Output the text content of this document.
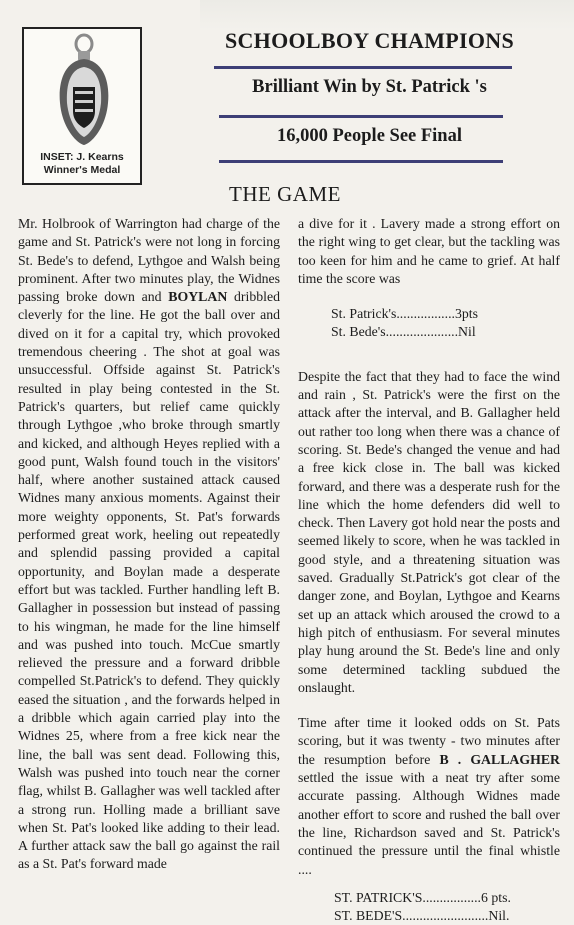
INSET: J. Kearns
Winner's Medal
SCHOOLBOY CHAMPIONS
Brilliant Win by St. Patrick 's
16,000 People See Final
THE GAME

Mr. Holbrook of Warrington had charge of the game and St. Patrick's were not long in forcing St. Bede's to defend, Lythgoe and Walsh being prominent. After two minutes play, the Widnes passing broke down and BOYLAN dribbled cleverly for the line. He got the ball over and dived on it for a capital try, which provoked tremendous cheering . The shot at goal was unsuccessful. Offside against St. Patrick's resulted in play being contested in the St. Patrick's quarters, but relief came quickly through Lythgoe ,who broke through smartly and kicked, and although Heyes replied with a good punt, Walsh found touch in the visitors' half, where another sustained attack caused Widnes many anxious moments. Against their more weighty opponents, St. Pat's forwards performed great work, heeling out repeatedly and splendid passing provided a capital opportunity, and Boylan made a desperate effort but was tackled. Further handling left B. Gallagher in possession but instead of passing to his wingman, he made for the line himself and was pushed into touch. McCue smartly relieved the pressure and a forward dribble compelled St.Patrick's to defend. They quickly eased the situation , and the forwards helped in a dribble which again carried play into the Widnes 25, where from a free kick near the line, the ball was sent dead. Following this, Walsh was pushed into touch near the corner flag, whilst B. Gallagher was well tackled after a strong run. Holling made a brilliant save when St. Pat's looked like adding to their lead. A further attack saw the ball go against the rail as a St. Pat's forward made

a dive for it . Lavery made a strong effort on the right wing to get clear, but the tackling was too keen for him and he came to grief. At half time the score was

St. Patrick's.................3pts
St. Bede's.....................Nil

Despite the fact that they had to face the wind and rain , St. Patrick's were the first on the attack after the interval, and B. Gallagher held out rather too long when there was a chance of scoring. St. Bede's changed the venue and had a free kick close in. The ball was kicked forward, and there was a desperate rush for the line which the home defenders did well to check. Then Lavery got hold near the posts and seemed likely to score, when he was tackled in good style, and a threatening situation was saved. Gradually St.Patrick's got clear of the danger zone, and Boylan, Lythgoe and Kearns set up an attack which aroused the crowd to a high pitch of enthusiasm. For several minutes play hung around the St. Bede's line and only some determined tackling subdued the onslaught.

Time after time it looked odds on St. Pats scoring, but it was twenty - two minutes after the resumption before B . GALLAGHER settled the issue with a neat try after some accurate passing. Although Widnes made another effort to score and rushed the ball over the line, Richardson saved and St. Patrick's continued the pressure until the final whistle ....

ST. PATRICK'S.................6 pts.
ST. BEDE'S.........................Nil.
